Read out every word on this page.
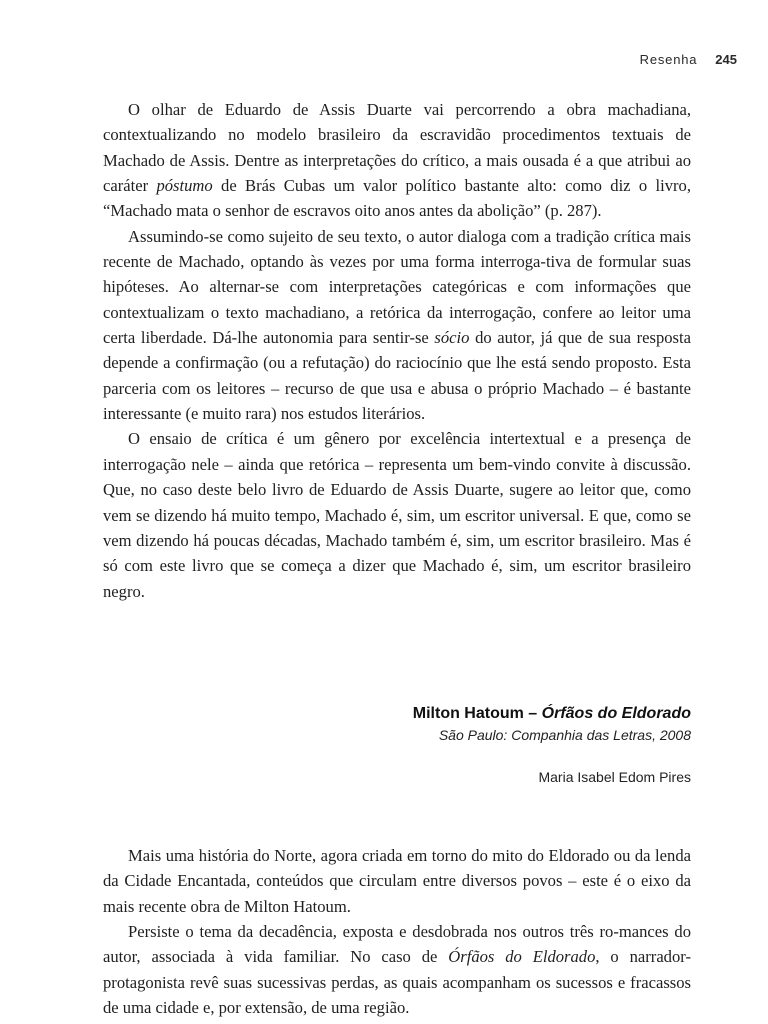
Resenha 245

O olhar de Eduardo de Assis Duarte vai percorrendo a obra machadiana, contextualizando no modelo brasileiro da escravidão procedimentos textuais de Machado de Assis. Dentre as interpretações do crítico, a mais ousada é a que atribui ao caráter póstumo de Brás Cubas um valor político bastante alto: como diz o livro, “Machado mata o senhor de escravos oito anos antes da abolição” (p. 287).

Assumindo-se como sujeito de seu texto, o autor dialoga com a tradição crítica mais recente de Machado, optando às vezes por uma forma interroga-tiva de formular suas hipóteses. Ao alternar-se com interpretações categóricas e com informações que contextualizam o texto machadiano, a retórica da interrogação, confere ao leitor uma certa liberdade. Dá-lhe autonomia para sentir-se sócio do autor, já que de sua resposta depende a confirmação (ou a refutação) do raciocínio que lhe está sendo proposto. Esta parceria com os leitores – recurso de que usa e abusa o próprio Machado – é bastante interessante (e muito rara) nos estudos literários.

O ensaio de crítica é um gênero por excelência intertextual e a presença de interrogação nele – ainda que retórica – representa um bem-vindo convite à discussão. Que, no caso deste belo livro de Eduardo de Assis Duarte, sugere ao leitor que, como vem se dizendo há muito tempo, Machado é, sim, um escritor universal. E que, como se vem dizendo há poucas décadas, Machado também é, sim, um escritor brasileiro. Mas é só com este livro que se começa a dizer que Machado é, sim, um escritor brasileiro negro.

Milton Hatoum – Órfãos do Eldorado
São Paulo: Companhia das Letras, 2008
Maria Isabel Edom Pires

Mais uma história do Norte, agora criada em torno do mito do Eldorado ou da lenda da Cidade Encantada, conteúdos que circulam entre diversos povos – este é o eixo da mais recente obra de Milton Hatoum.

Persiste o tema da decadência, exposta e desdobrada nos outros três ro-mances do autor, associada à vida familiar. No caso de Órfãos do Eldorado, o narrador-protagonista revê suas sucessivas perdas, as quais acompanham os sucessos e fracassos de uma cidade e, por extensão, de uma região.
